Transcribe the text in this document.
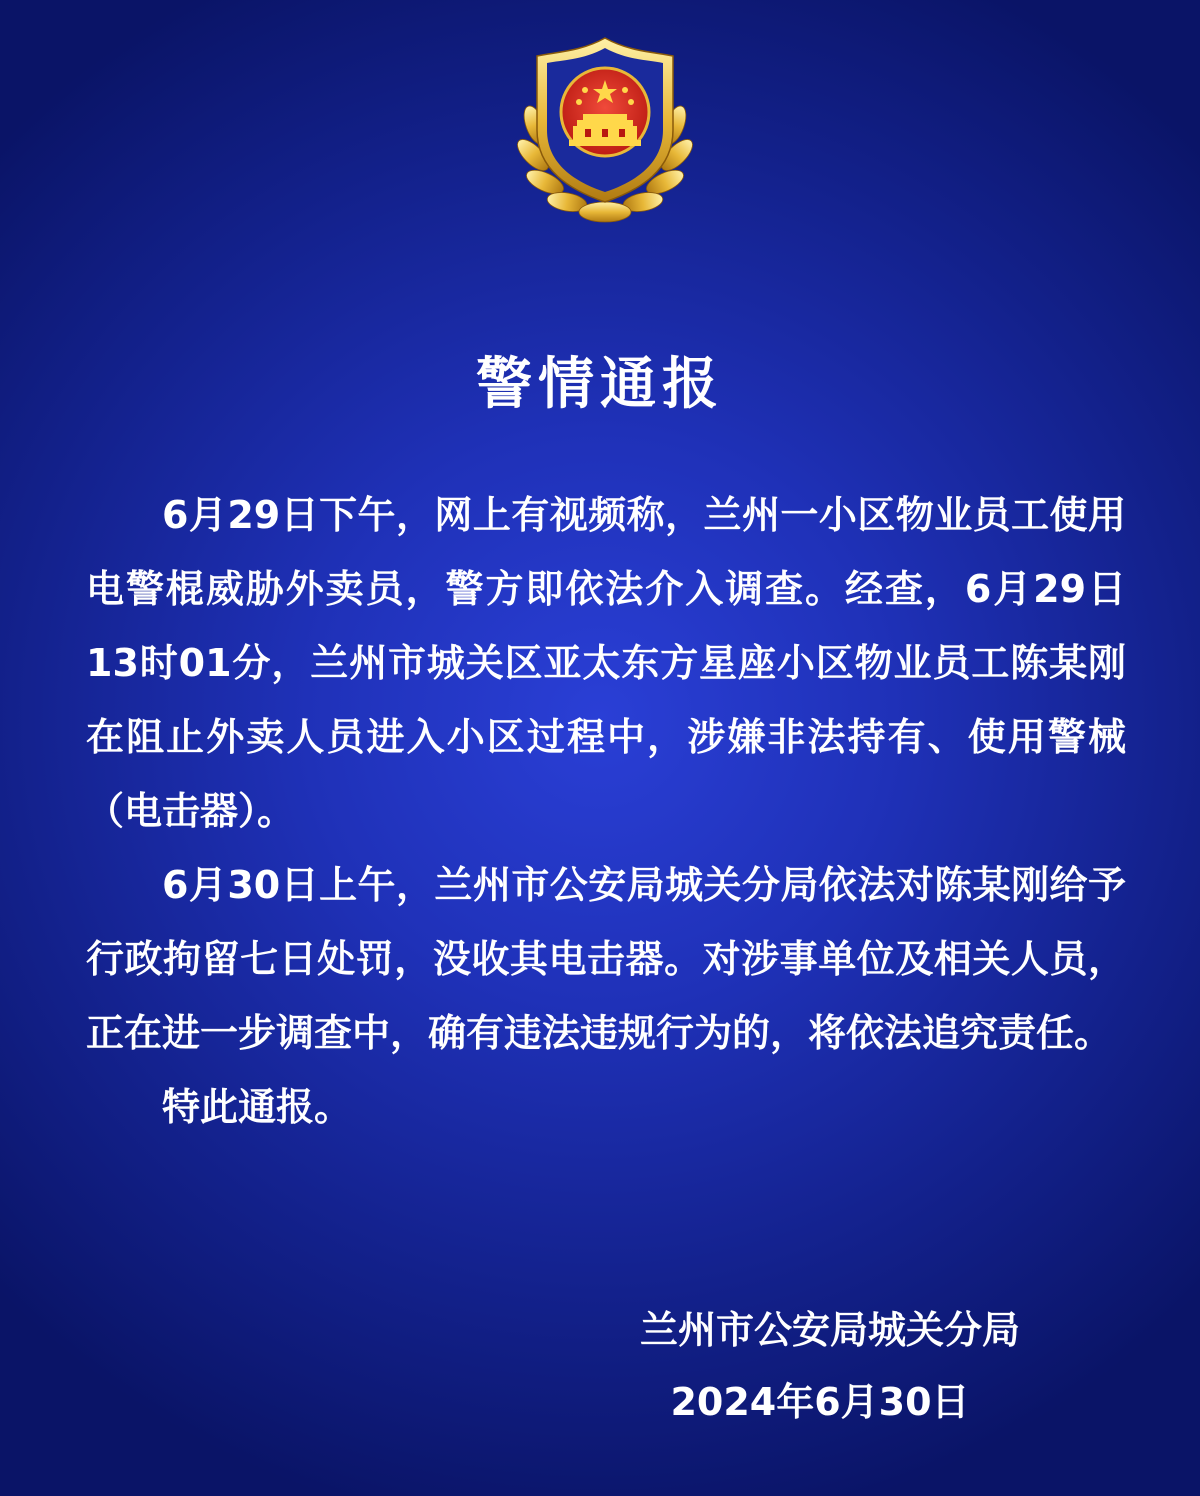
警情通报

6月29日下午，网上有视频称，兰州一小区物业员工使用电警棍威胁外卖员，警方即依法介入调查。经查，6月29日13时01分，兰州市城关区亚太东方星座小区物业员工陈某刚在阻止外卖人员进入小区过程中，涉嫌非法持有、使用警械（电击器）。

6月30日上午，兰州市公安局城关分局依法对陈某刚给予行政拘留七日处罚，没收其电击器。对涉事单位及相关人员，正在进一步调查中，确有违法违规行为的，将依法追究责任。

特此通报。

兰州市公安局城关分局
2024年6月30日
